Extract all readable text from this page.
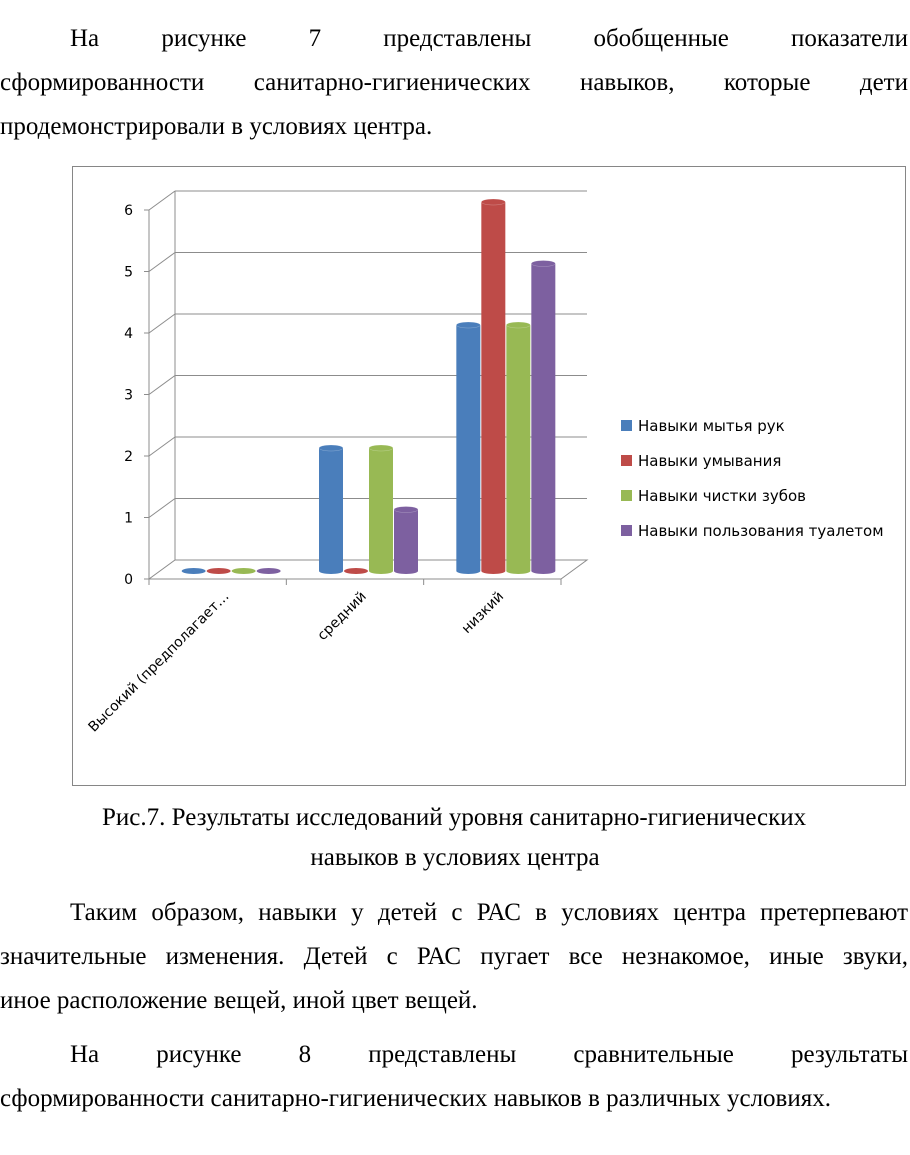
На рисунке 7 представлены обобщенные показатели
сформированности санитарно-гигиенических навыков, которые дети
продемонстрировали в условиях центра.
0
1
2
3
4
5
6
Высокий (предполагает…	средний	низкий
Навыки мытья рук
Навыки умывания
Навыки чистки зубов
Навыки пользования туалетом
Рис.7. Результаты исследований уровня санитарно-гигиенических
навыков в условиях центра
Таким образом, навыки у детей с РАС в условиях центра претерпевают
значительные изменения. Детей с РАС пугает все незнакомое, иные звуки,
иное расположение вещей, иной цвет вещей.
На рисунке 8 представлены сравнительные результаты
сформированности санитарно-гигиенических навыков в различных условиях.
